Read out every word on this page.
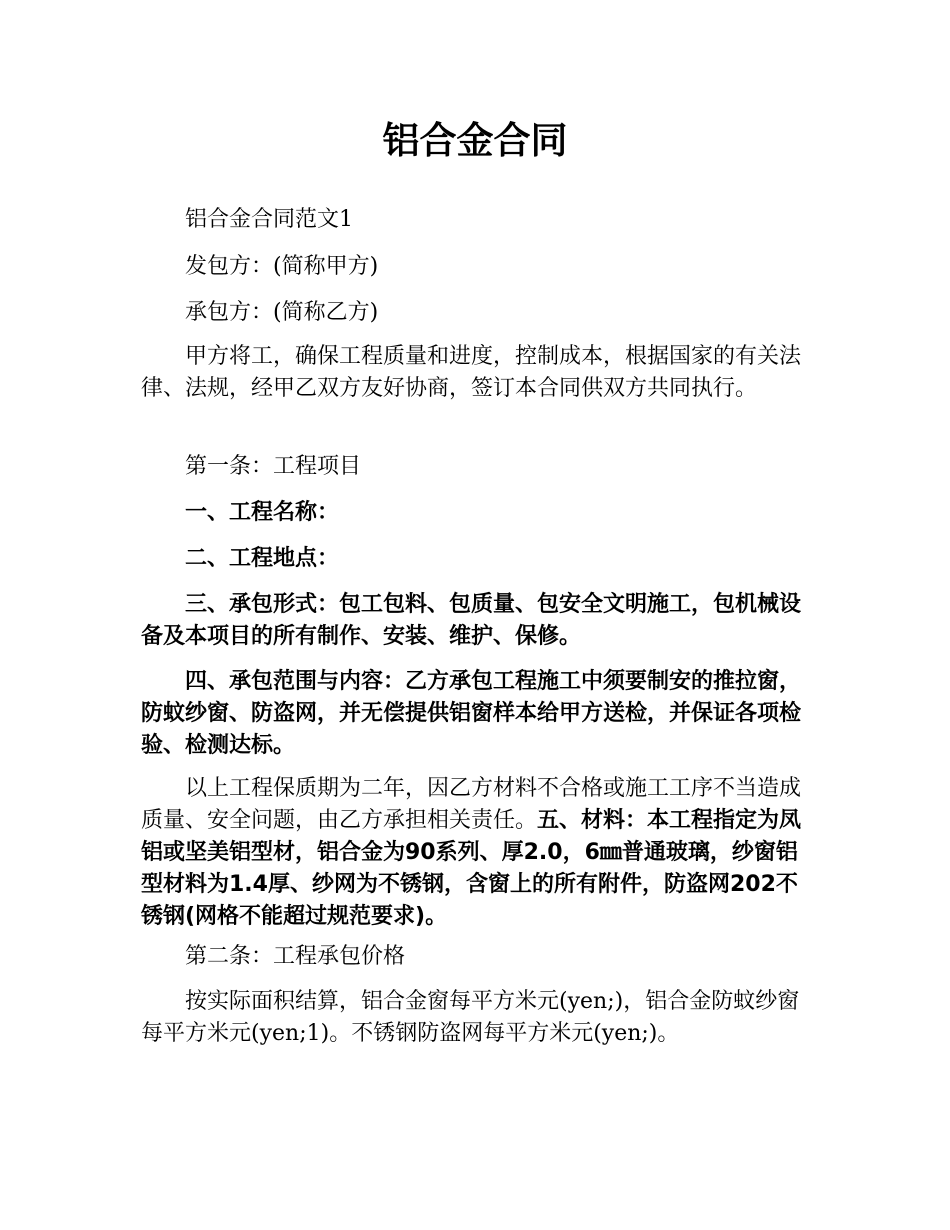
铝合金合同

铝合金合同范文1

发包方：(简称甲方)

承包方：(简称乙方)

甲方将工，确保工程质量和进度，控制成本，根据国家的有关法律、法规，经甲乙双方友好协商，签订本合同供双方共同执行。

第一条：工程项目

一、工程名称：

二、工程地点：

三、承包形式：包工包料、包质量、包安全文明施工，包机械设备及本项目的所有制作、安装、维护、保修。

四、承包范围与内容：乙方承包工程施工中须要制安的推拉窗，防蚊纱窗、防盗网，并无偿提供铝窗样本给甲方送检，并保证各项检验、检测达标。

以上工程保质期为二年，因乙方材料不合格或施工工序不当造成质量、安全问题，由乙方承担相关责任。五、材料：本工程指定为凤铝或坚美铝型材，铝合金为90系列、厚2.0，6㎜普通玻璃，纱窗铝型材料为1.4厚、纱网为不锈钢，含窗上的所有附件，防盗网202不锈钢(网格不能超过规范要求)。

第二条：工程承包价格

按实际面积结算，铝合金窗每平方米元(yen;)，铝合金防蚊纱窗每平方米元(yen;1)。不锈钢防盗网每平方米元(yen;)。
